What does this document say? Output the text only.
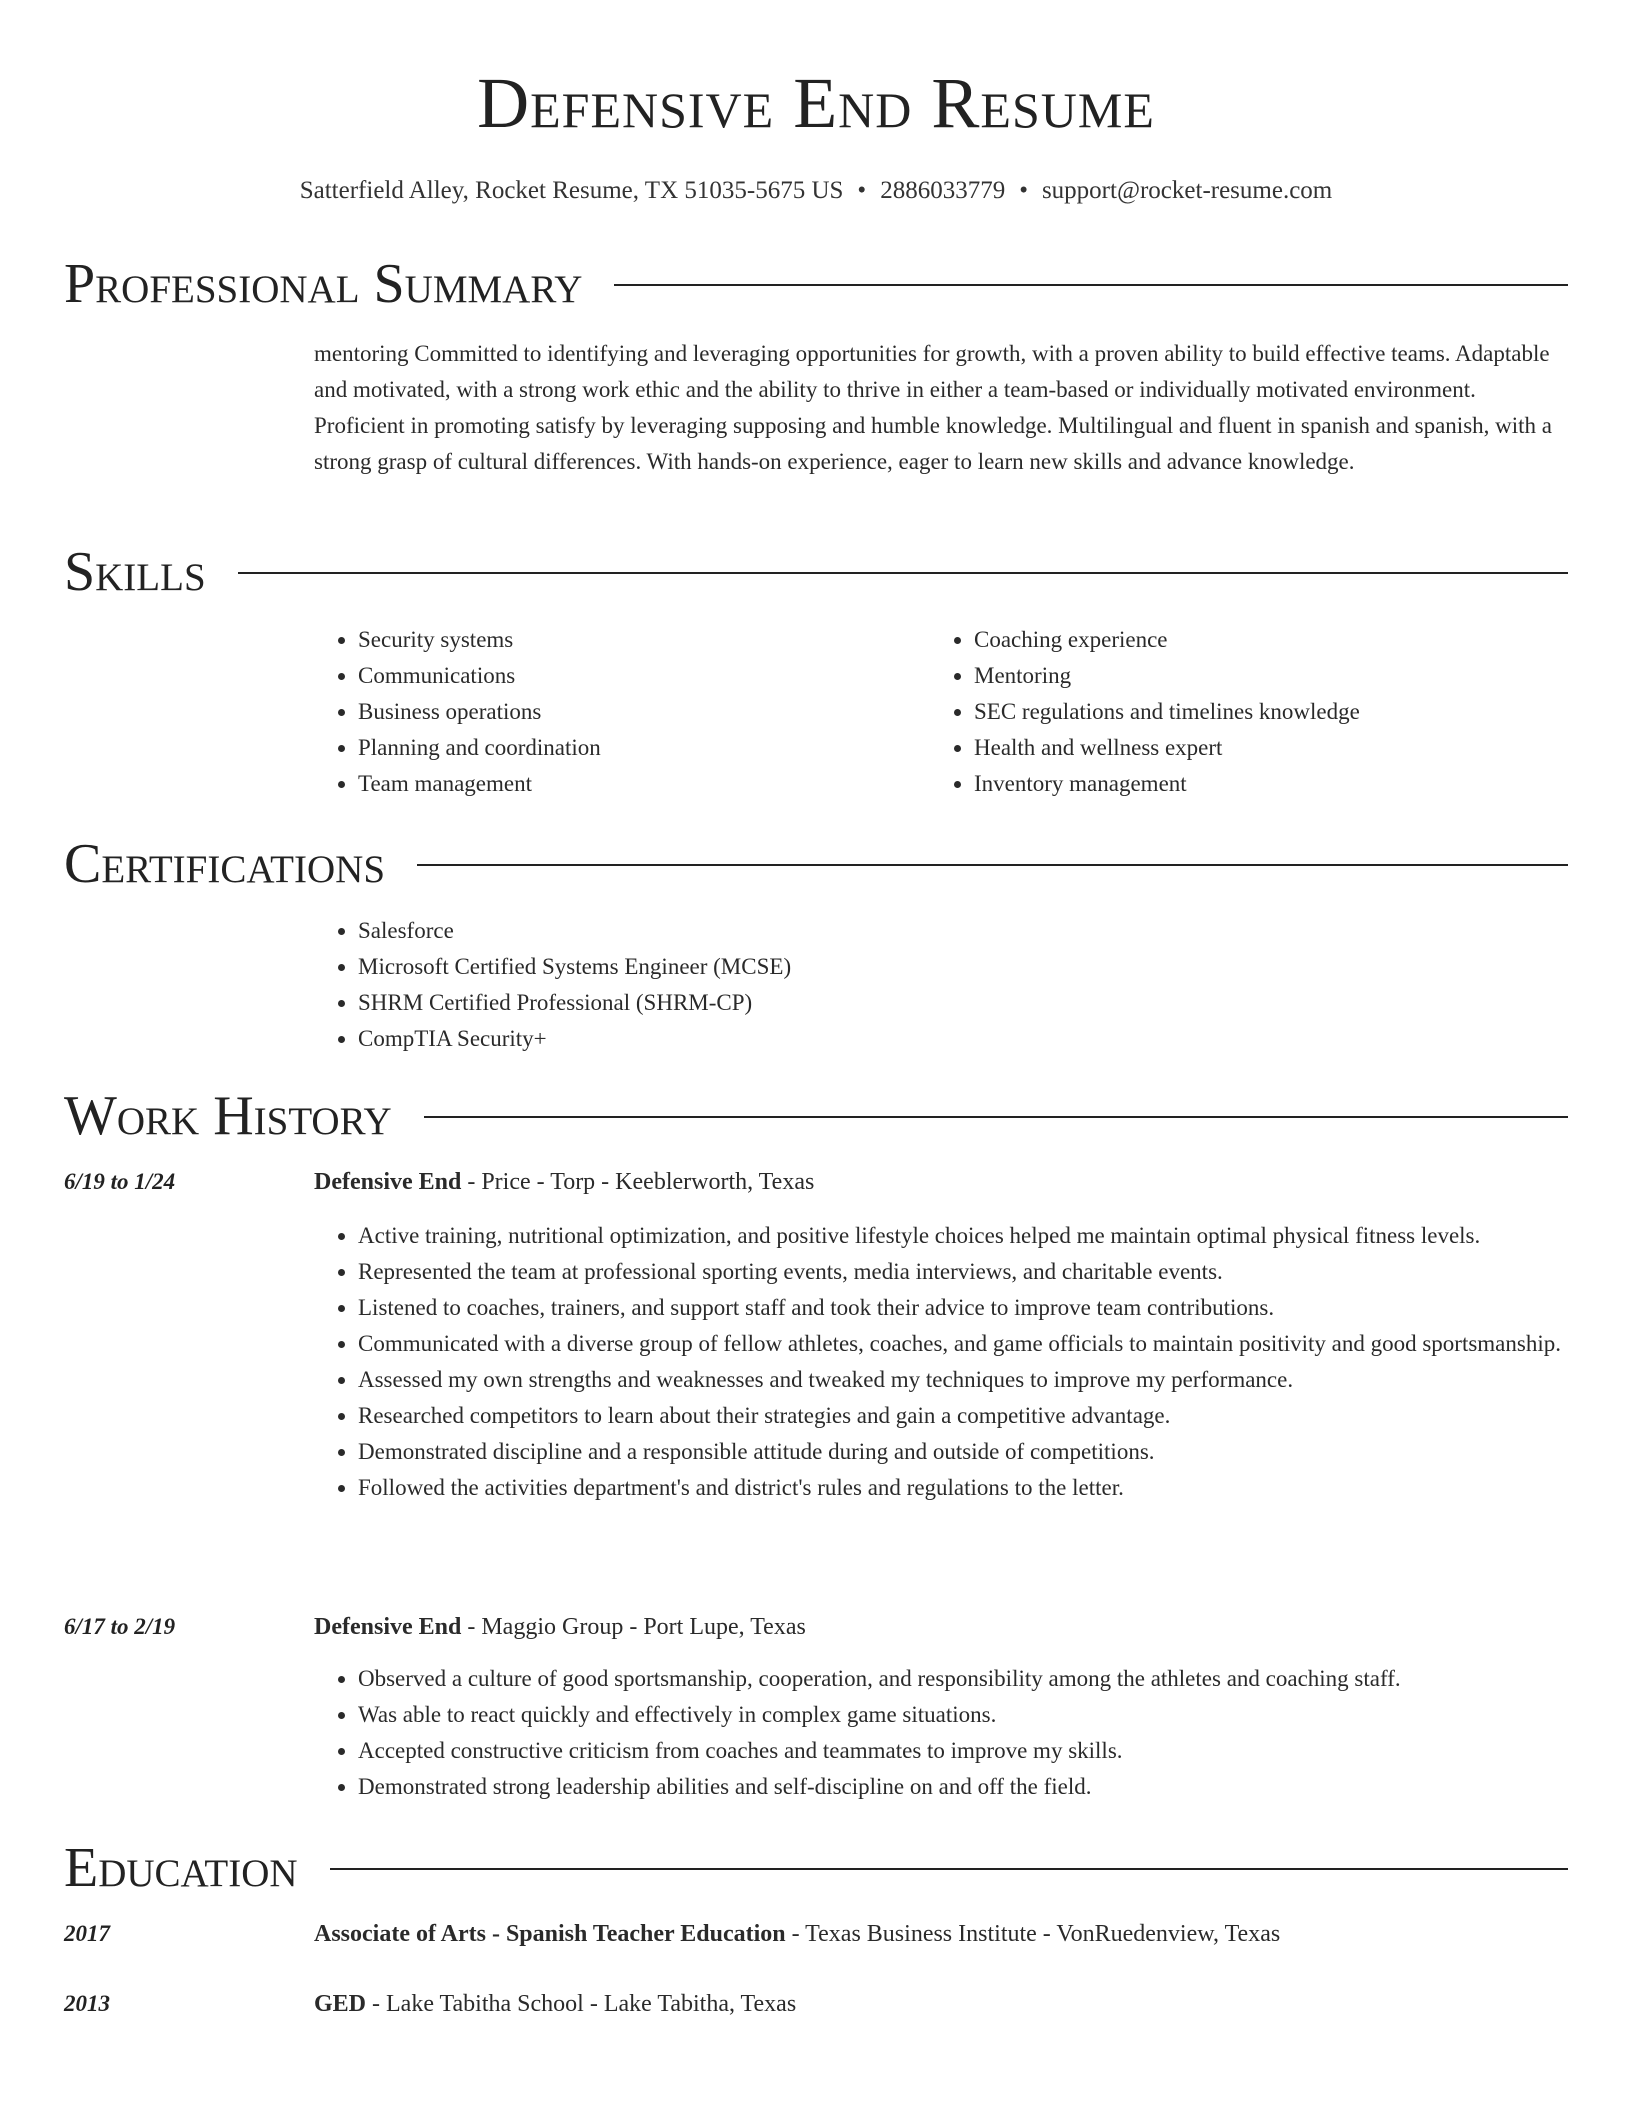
Defensive End Resume
Satterfield Alley, Rocket Resume, TX 51035-5675 US • 2886033779 • support@rocket-resume.com
Professional Summary

mentoring Committed to identifying and leveraging opportunities for growth, with a proven ability to build effective teams. Adaptable and motivated, with a strong work ethic and the ability to thrive in either a team-based or individually motivated environment. Proficient in promoting satisfy by leveraging supposing and humble knowledge. Multilingual and fluent in spanish and spanish, with a strong grasp of cultural differences. With hands-on experience, eager to learn new skills and advance knowledge.

Skills
• Security systems
• Communications
• Business operations
• Planning and coordination
• Team management
• Coaching experience
• Mentoring
• SEC regulations and timelines knowledge
• Health and wellness expert
• Inventory management
Certifications
• Salesforce
• Microsoft Certified Systems Engineer (MCSE)
• SHRM Certified Professional (SHRM-CP)
• CompTIA Security+
Work History
6/19 to 1/24	Defensive End - Price - Torp - Keeblerworth, Texas
• Active training, nutritional optimization, and positive lifestyle choices helped me maintain optimal physical fitness levels.
• Represented the team at professional sporting events, media interviews, and charitable events.
• Listened to coaches, trainers, and support staff and took their advice to improve team contributions.
• Communicated with a diverse group of fellow athletes, coaches, and game officials to maintain positivity and good sportsmanship.
• Assessed my own strengths and weaknesses and tweaked my techniques to improve my performance.
• Researched competitors to learn about their strategies and gain a competitive advantage.
• Demonstrated discipline and a responsible attitude during and outside of competitions.
• Followed the activities department's and district's rules and regulations to the letter.
6/17 to 2/19	Defensive End - Maggio Group - Port Lupe, Texas
• Observed a culture of good sportsmanship, cooperation, and responsibility among the athletes and coaching staff.
• Was able to react quickly and effectively in complex game situations.
• Accepted constructive criticism from coaches and teammates to improve my skills.
• Demonstrated strong leadership abilities and self-discipline on and off the field.
Education
2017	Associate of Arts - Spanish Teacher Education - Texas Business Institute - VonRuedenview, Texas
2013	GED - Lake Tabitha School - Lake Tabitha, Texas
